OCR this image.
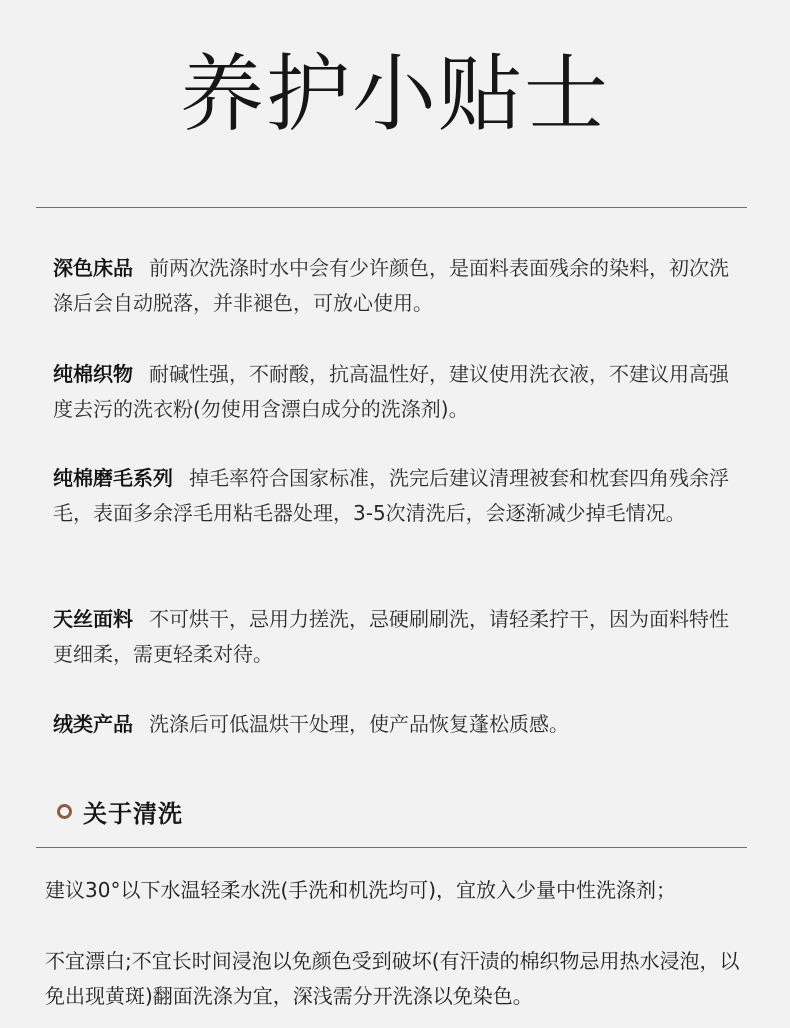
养护小贴士

深色床品 前两次洗涤时水中会有少许颜色，是面料表面残余的染料，初次洗涤后会自动脱落，并非褪色，可放心使用。

纯棉织物 耐碱性强，不耐酸，抗高温性好，建议使用洗衣液，不建议用高强度去污的洗衣粉(勿使用含漂白成分的洗涤剂)。

纯棉磨毛系列 掉毛率符合国家标准，洗完后建议清理被套和枕套四角残余浮毛，表面多余浮毛用粘毛器处理，3-5次清洗后，会逐渐减少掉毛情况。

天丝面料 不可烘干，忌用力搓洗，忌硬刷刷洗，请轻柔拧干，因为面料特性更细柔，需更轻柔对待。

绒类产品 洗涤后可低温烘干处理，使产品恢复蓬松质感。

关于清洗

建议30°以下水温轻柔水洗(手洗和机洗均可)，宜放入少量中性洗涤剂；

不宜漂白;不宜长时间浸泡以免颜色受到破坏(有汗渍的棉织物忌用热水浸泡，以免出现黄斑)翻面洗涤为宜，深浅需分开洗涤以免染色。
